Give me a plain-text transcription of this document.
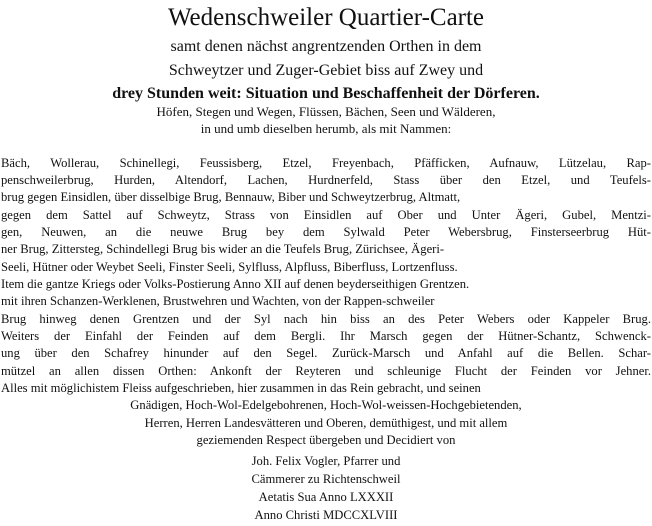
Wedenschweiler Quartier-Carte
samt denen nächst angrentzenden Orthen in dem
Schweytzer und Zuger-Gebiet biss auf Zwey und
drey Stunden weit: Situation und Beschaffenheit der Dörferen.
Höfen, Stegen und Wegen, Flüssen, Bächen, Seen und Wälderen,
in und umb dieselben herumb, als mit Nammen:
Bäch, Wollerau, Schinellegi, Feussisberg, Etzel, Freyenbach, Pfäfficken, Aufnauw, Lützelau, Rap-
penschweilerbrug, Hurden, Altendorf, Lachen, Hurdnerfeld, Stass über den Etzel, und Teufels-
brug gegen Einsidlen, über disselbige Brug, Bennauw, Biber und Schweytzerbrug, Altmatt,
gegen dem Sattel auf Schweytz, Strass von Einsidlen auf Ober und Unter Ägeri, Gubel, Mentzi-
gen, Neuwen, an die neuwe Brug bey dem Sylwald Peter Webersbrug, Finsterseerbrug Hüt-
ner Brug, Zittersteg, Schindellegi Brug bis wider an die Teufels Brug, Zürichsee, Ägeri-
Seeli, Hütner oder Weybet Seeli, Finster Seeli, Sylfluss, Alpfluss, Biberfluss, Lortzenfluss.
Item die gantze Kriegs oder Volks-Postierung Anno XII auf denen beyderseithigen Grentzen.
mit ihren Schanzen-Werklenen, Brustwehren und Wachten, von der Rappen-schweiler
Brug hinweg denen Grentzen und der Syl nach hin biss an des Peter Webers oder Kappeler Brug.
Weiters der Einfahl der Feinden auf dem Bergli. Ihr Marsch gegen der Hütner-Schantz, Schwenck-
ung über den Schafrey hinunder auf den Segel. Zurück-Marsch und Anfahl auf die Bellen. Schar-
mützel an allen dissen Orthen: Ankonft der Reyteren und schleunige Flucht der Feinden vor Jehner.
Alles mit möglichistem Fleiss aufgeschrieben, hier zusammen in das Rein gebracht, und seinen
Gnädigen, Hoch-Wol-Edelgebohrenen, Hoch-Wol-weissen-Hochgebietenden,
Herren, Herren Landesvätteren und Oberen, demüthigest, und mit allem
geziemenden Respect übergeben und Decidiert von
Joh. Felix Vogler, Pfarrer und
Cämmerer zu Richtenschweil
Aetatis Sua Anno LXXXII
Anno Christi MDCCXLVIII
